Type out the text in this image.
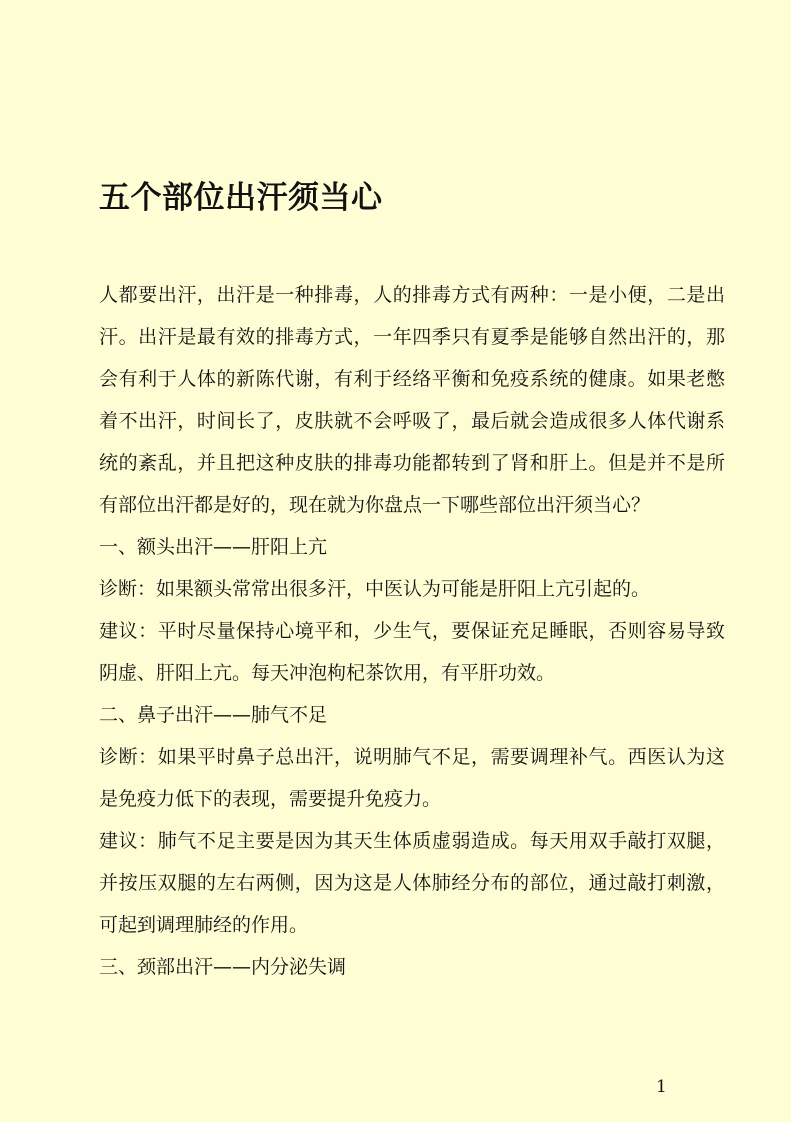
五个部位出汗须当心

人都要出汗，出汗是一种排毒，人的排毒方式有两种：一是小便，二是出汗。出汗是最有效的排毒方式，一年四季只有夏季是能够自然出汗的，那会有利于人体的新陈代谢，有利于经络平衡和免疫系统的健康。如果老憋着不出汗，时间长了，皮肤就不会呼吸了，最后就会造成很多人体代谢系统的紊乱，并且把这种皮肤的排毒功能都转到了肾和肝上。但是并不是所有部位出汗都是好的，现在就为你盘点一下哪些部位出汗须当心？

一、额头出汗——肝阳上亢

诊断：如果额头常常出很多汗，中医认为可能是肝阳上亢引起的。

建议：平时尽量保持心境平和，少生气，要保证充足睡眠，否则容易导致阴虚、肝阳上亢。每天冲泡枸杞茶饮用，有平肝功效。

二、鼻子出汗——肺气不足

诊断：如果平时鼻子总出汗，说明肺气不足，需要调理补气。西医认为这是免疫力低下的表现，需要提升免疫力。

建议：肺气不足主要是因为其天生体质虚弱造成。每天用双手敲打双腿，并按压双腿的左右两侧，因为这是人体肺经分布的部位，通过敲打刺激，可起到调理肺经的作用。

三、颈部出汗——内分泌失调

1
